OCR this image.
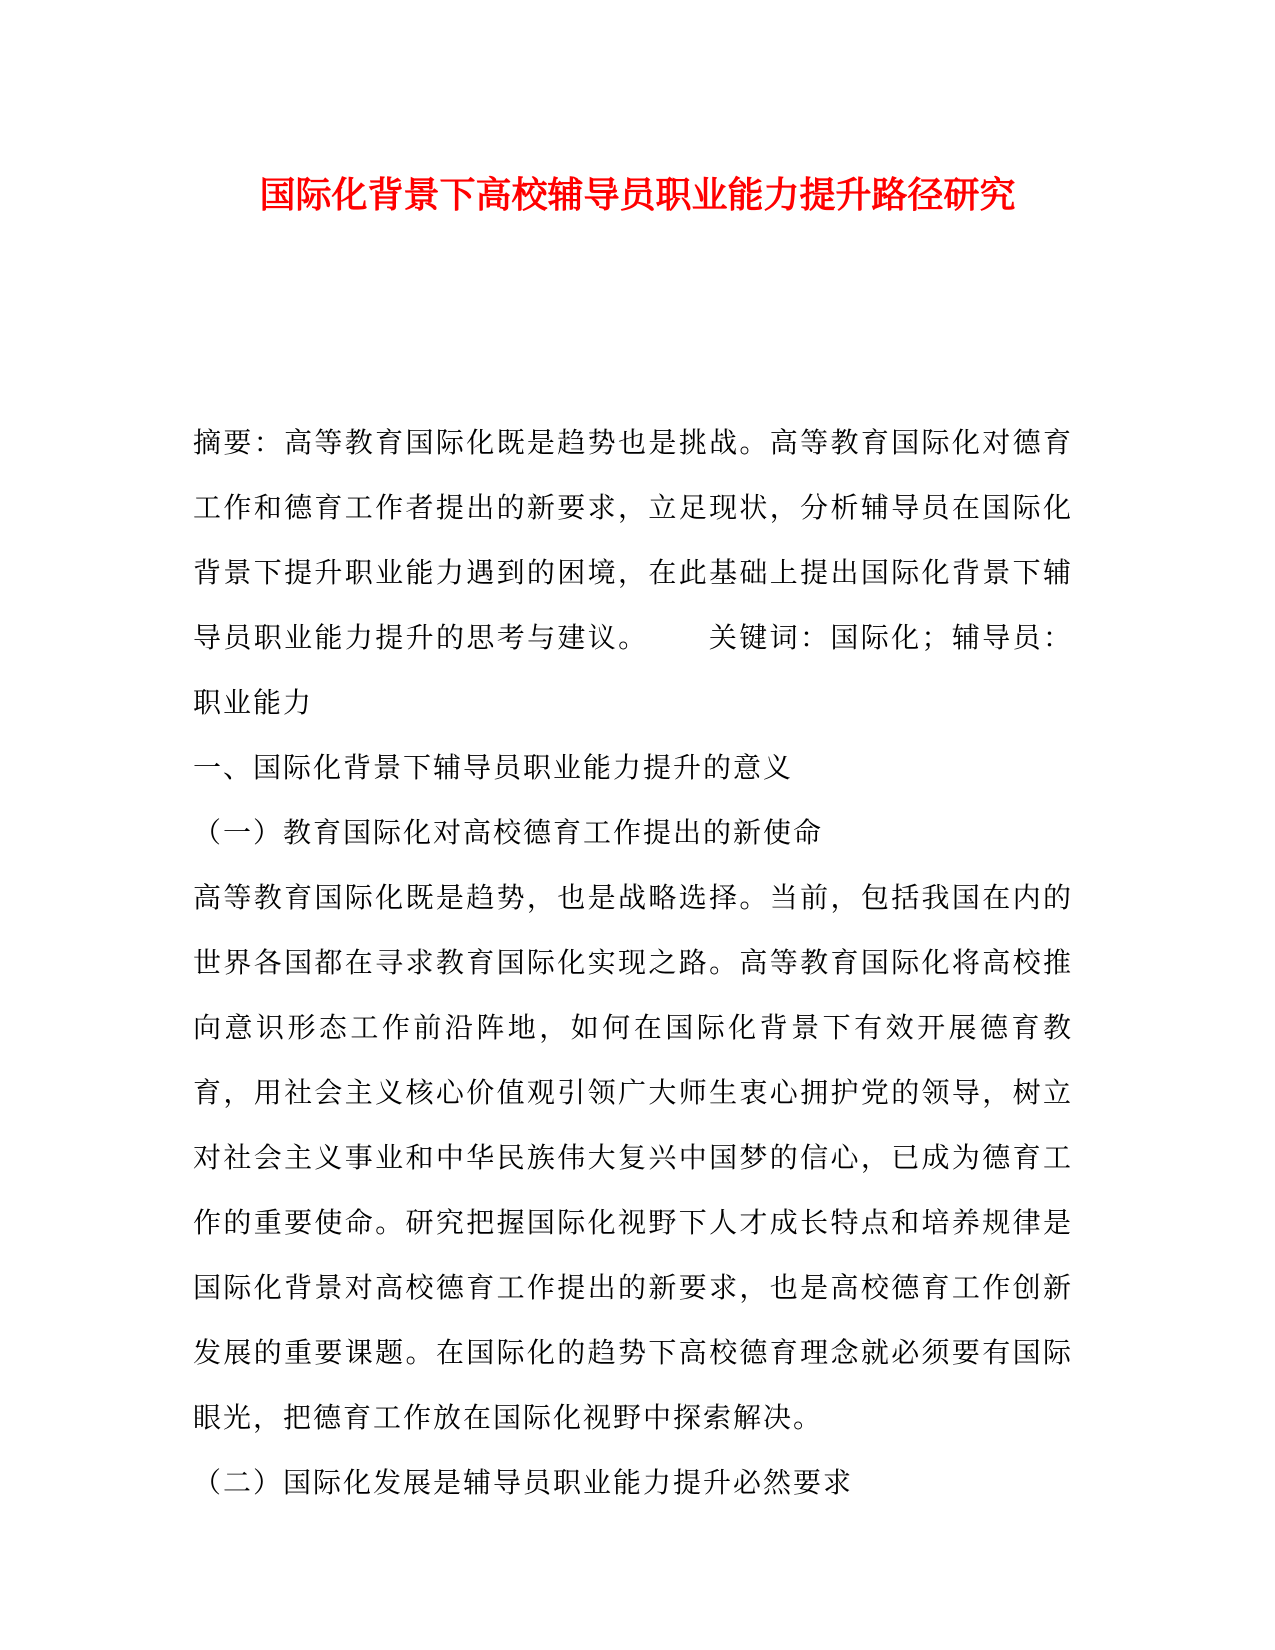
国际化背景下高校辅导员职业能力提升路径研究

摘要：高等教育国际化既是趋势也是挑战。高等教育国际化对德育工作和德育工作者提出的新要求，立足现状，分析辅导员在国际化背景下提升职业能力遇到的困境，在此基础上提出国际化背景下辅导员职业能力提升的思考与建议。 关键词：国际化；辅导员：职业能力

一、国际化背景下辅导员职业能力提升的意义

（一）教育国际化对高校德育工作提出的新使命

高等教育国际化既是趋势，也是战略选择。当前，包括我国在内的世界各国都在寻求教育国际化实现之路。高等教育国际化将高校推向意识形态工作前沿阵地，如何在国际化背景下有效开展德育教育，用社会主义核心价值观引领广大师生衷心拥护党的领导，树立对社会主义事业和中华民族伟大复兴中国梦的信心，已成为德育工作的重要使命。研究把握国际化视野下人才成长特点和培养规律是国际化背景对高校德育工作提出的新要求，也是高校德育工作创新发展的重要课题。在国际化的趋势下高校德育理念就必须要有国际眼光，把德育工作放在国际化视野中探索解决。

（二）国际化发展是辅导员职业能力提升必然要求
